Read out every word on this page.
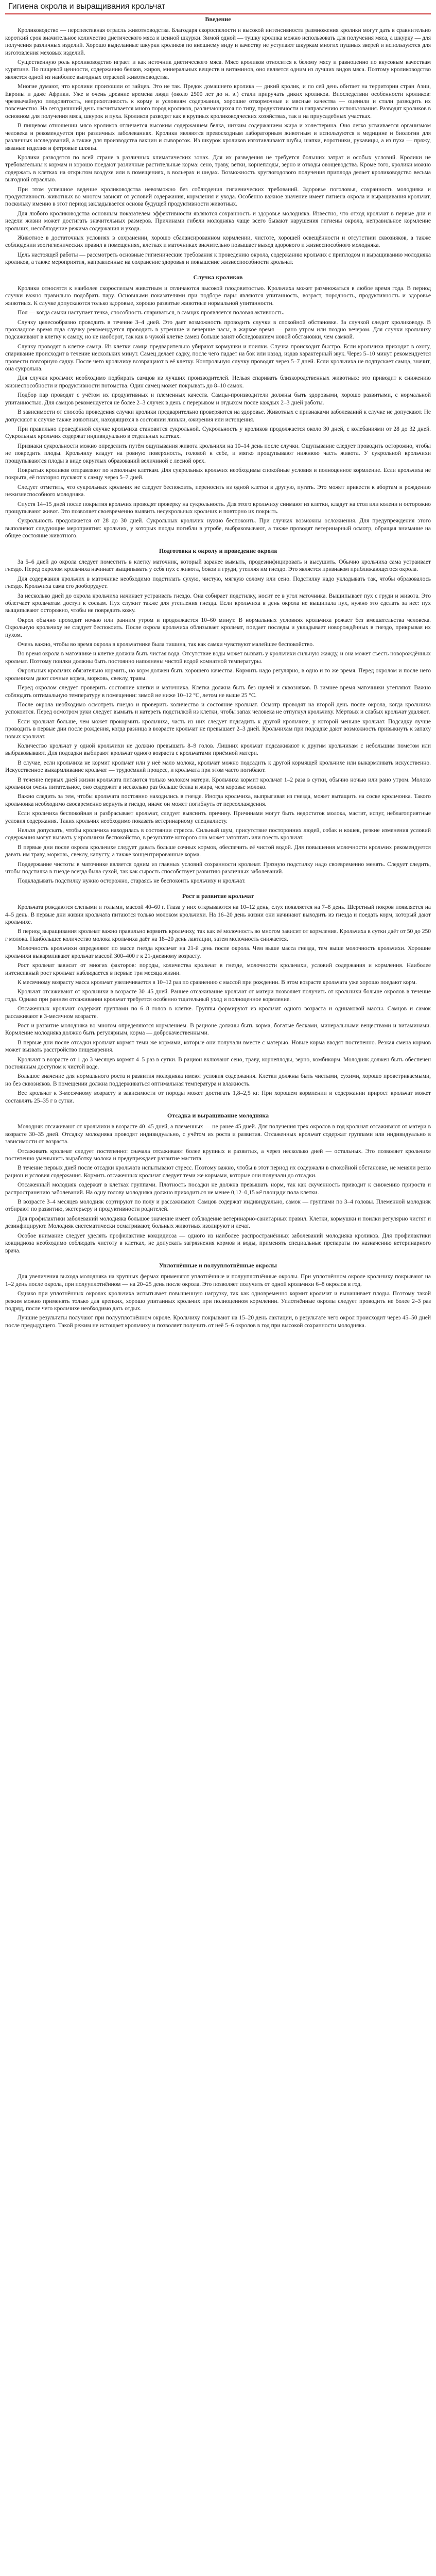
Гигиена окрола и выращивания крольчат
Введение

Кролиководство — перспективная отрасль животноводства. Благодаря скороспелости и высокой интенсивности размножения кролики могут дать в сравнительно короткий срок значительное количество диетического мяса и ценной шкурки. Зимой одной — тушку кролика можно использовать для получения мяса, а шкурку — для получения различных изделий. Хорошо выделанные шкурки кроликов по внешнему виду и качеству не уступают шкуркам многих пушных зверей и используются для изготовления меховых изделий.

Существенную роль кролиководство играет и как источник диетического мяса. Мясо кроликов относится к белому мясу и равноценно по вкусовым качествам курятине. По пищевой ценности, содержанию белков, жиров, минеральных веществ и витаминов, оно является одним из лучших видов мяса. Поэтому кролиководство является одной из наиболее выгодных отраслей животноводства.

Многие думают, что кролики произошли от зайцев. Это не так. Предок домашнего кролика — дикий кролик, и по сей день обитает на территории стран Азии, Европы и даже Африки. Уже в очень древние времена люди (около 2500 лет до н. э.) стали приручать диких кроликов. Впоследствии особенности кроликов: чрезвычайную плодовитость, неприхотливость к корму и условиям содержания, хорошие откормочные и мясные качества — оценили и стали разводить их повсеместно. На сегодняшний день насчитывается много пород кроликов, различающихся по типу, продуктивности и направлению использования. Разводят кроликов в основном для получения мяса, шкурок и пуха. Кроликов разводят как в крупных кролиководческих хозяйствах, так и на приусадебных участках.

В пищевом отношении мясо кроликов отличается высоким содержанием белка, низким содержанием жира и холестерина. Оно легко усваивается организмом человека и рекомендуется при различных заболеваниях. Кролики являются превосходным лабораторным животным и используются в медицине и биологии для различных исследований, а также для производства вакцин и сывороток. Из шкурок кроликов изготавливают шубы, шапки, воротники, рукавицы, а из пуха — пряжу, вязаные изделия и фетровые шляпы.

Кролики разводятся по всей стране в различных климатических зонах. Для их разведения не требуется больших затрат и особых условий. Кролики не требовательны к кормам и хорошо поедают различные растительные корма: сено, траву, ветки, корнеплоды, зерно и отходы овощеводства. Кроме того, кролики можно содержать в клетках на открытом воздухе или в помещениях, в вольерах и шедах. Возможность круглогодового получения приплода делает кролиководство весьма выгодной отраслью.

При этом успешное ведение кролиководства невозможно без соблюдения гигиенических требований. Здоровье поголовья, сохранность молодняка и продуктивность животных во многом зависят от условий содержания, кормления и ухода. Особенно важное значение имеет гигиена окрола и выращивания крольчат, поскольку именно в этот период закладывается основа будущей продуктивности животных.

Для любого кролиководства основным показателем эффективности являются сохранность и здоровье молодняка. Известно, что отход крольчат в первые дни и недели жизни может достигать значительных размеров. Причинами гибели молодняка чаще всего бывают нарушения гигиены окрола, неправильное кормление крольчих, несоблюдение режима содержания и ухода.

Животное в достаточных условиях в сохранении, хорошо сбалансированном кормлении, чистоте, хорошей освещённости и отсутствии сквозняков, а также соблюдении зоогигиенических правил в помещениях, клетках и маточниках значительно повышает выход здорового и жизнеспособного молодняка.

Цель настоящей работы — рассмотреть основные гигиенические требования к проведению окрола, содержанию крольчих с приплодом и выращиванию молодняка кроликов, а также мероприятия, направленные на сохранение здоровья и повышение жизнеспособности крольчат.

Случка кроликов

Кролики относятся к наиболее скороспелым животным и отличаются высокой плодовитостью. Крольчиха может размножаться в любое время года. В период случки важно правильно подобрать пару. Основными показателями при подборе пары являются упитанность, возраст, породность, продуктивность и здоровье животных. К случке допускаются только здоровые, хорошо развитые животные нормальной упитанности.

Пол — когда самки наступает течка, способность спариваться, в самцах проявляется половая активность.

Случку целесообразно проводить в течение 3–4 дней. Это дает возможность проводить случки в спокойной обстановке. За случкой следит кролиководу. В прохладное время года случку рекомендуется проводить в утренние и вечерние часы, в жаркое время — рано утром или поздно вечером. Для случки крольчиху подсаживают в клетку к самцу, но не наоборот, так как в чужой клетке самец больше занят обследованием новой обстановки, чем самкой.

Случку проводят в клетке самца. Из клетки самца предварительно убирают кормушки и поилки. Случка происходит быстро. Если крольчиха приходит в охоту, спаривание происходит в течение нескольких минут. Самец делает садку, после чего падает на бок или назад, издав характерный звук. Через 5–10 минут рекомендуется провести повторную садку. После чего крольчиху возвращают в её клетку. Контрольную случку проводят через 5–7 дней. Если крольчиха не подпускает самца, значит, она сукрольна.

Для случки крольчих необходимо подбирать самцов из лучших производителей. Нельзя спаривать близкородственных животных: это приводит к снижению жизнеспособности и продуктивности потомства. Один самец может покрывать до 8–10 самок.

Подбор пар проводят с учётом их продуктивных и племенных качеств. Самцы-производители должны быть здоровыми, хорошо развитыми, с нормальной упитанностью. Для самцов рекомендуется не более 2–3 случек в день с перерывом и отдыхом после каждых 2–3 дней работы.

В зависимости от способа проведения случки кролики предварительно проверяются на здоровье. Животных с признаками заболеваний к случке не допускают. Не допускают к случке также животных, находящихся в состоянии линьки, ожирения или истощения.

При правильно проведённой случке крольчиха становится сукрольной. Сукрольность у кроликов продолжается около 30 дней, с колебаниями от 28 до 32 дней. Сукрольных крольчих содержат индивидуально в отдельных клетках.

Признаки сукрольности можно определить путём ощупывания живота крольчихи на 10–14 день после случки. Ощупывание следует проводить осторожно, чтобы не повредить плоды. Крольчиху кладут на ровную поверхность, головой к себе, и мягко прощупывают нижнюю часть живота. У сукрольной крольчихи прощупываются плоды в виде округлых образований величиной с лесной орех.

Покрытых кроликов отправляют по неполным клеткам. Для сукрольных крольчих необходимы спокойные условия и полноценное кормление. Если крольчиха не покрыта, её повторно пускают к самцу через 5–7 дней.

Следует отметить, что сукрольных крольчих не следует беспокоить, переносить из одной клетки в другую, пугать. Это может привести к абортам и рождению нежизнеспособного молодняка.

Спустя 14–15 дней после покрытия крольчих проводят проверку на сукрольность. Для этого крольчиху снимают из клетки, кладут на стол или колени и осторожно прощупывают живот. Это позволяет своевременно выявить несукрольных крольчих и повторно их покрыть.

Сукрольность продолжается от 28 до 30 дней. Сукрольных крольчих нужно беспокоить. При случках возможны осложнения. Для предупреждения этого выполняют следующие мероприятия: крольчих, у которых плоды погибли в утробе, выбраковывают, а также проводят ветеринарный осмотр, обращая внимание на общее состояние животного.

Подготовка к окролу и проведение окрола

За 5–6 дней до окрола следует поместить в клетку маточник, который заранее вымыть, продезинфицировать и высушить. Обычно крольчиха сама устраивает гнездо. Перед окролом крольчиха начинает выщипывать у себя пух с живота, боков и груди, утепляя им гнездо. Это является признаком приближающегося окрола.

Для содержания крольчих в маточнике необходимо подстилать сухую, чистую, мягкую солому или сено. Подстилку надо укладывать так, чтобы образовалось гнездо. Крольчиха сама его дооборудует.

За несколько дней до окрола крольчиха начинает устраивать гнездо. Она собирает подстилку, носит ее в угол маточника. Выщипывает пух с груди и живота. Это облегчает крольчатам доступ к соскам. Пух служит также для утепления гнезда. Если крольчиха в день окрола не выщипала пух, нужно это сделать за нее: пух выщипывают осторожно, чтобы не повредить кожу.

Окрол обычно проходит ночью или ранним утром и продолжается 10–60 минут. В нормальных условиях крольчиха рожает без вмешательства человека. Окрольную крольчиху не следует беспокоить. После окрола крольчиха облизывает крольчат, поедает последы и укладывает новорождённых в гнездо, прикрывая их пухом.

Очень важно, чтобы во время окрола в крольчатнике была тишина, так как самки чувствуют малейшее беспокойство.

Во время окрола в маточнике и клетке должна быть чистая вода. Отсутствие воды может вызвать у крольчихи сильную жажду, и она может съесть новорождённых крольчат. Поэтому поилки должны быть постоянно наполнены чистой водой комнатной температуры.

Окрольных крольчих обязательно кормить, но корм должен быть хорошего качества. Кормить надо регулярно, в одно и то же время. Перед окролом и после него крольчихам дают сочные корма, морковь, свеклу, травы.

Перед окролом следует проверить состояние клетки и маточника. Клетка должна быть без щелей и сквозняков. В зимнее время маточники утепляют. Важно соблюдать оптимальную температуру в помещении: зимой не ниже 10–12 °C, летом не выше 25 °C.

После окрола необходимо осмотреть гнездо и проверить количество и состояние крольчат. Осмотр проводят на второй день после окрола, когда крольчиха успокоится. Перед осмотром руки следует вымыть и натереть подстилкой из клетки, чтобы запах человека не отпугнул крольчиху. Мёртвых и слабых крольчат удаляют.

Если крольчат больше, чем может прокормить крольчиха, часть из них следует подсадить к другой крольчихе, у которой меньше крольчат. Подсадку лучше проводить в первые дни после рождения, когда разница в возрасте крольчат не превышает 2–3 дней. Крольчихам при подсадке дают возможность привыкнуть к запаху новых крольчат.

Количество крольчат у одной крольчихи не должно превышать 8–9 голов. Лишних крольчат подсаживают к другим крольчихам с небольшим пометом или выбраковывают. Для подсадки выбирают крольчат одного возраста с крольчатами приёмной матери.

В случае, если крольчиха не кормит крольчат или у неё мало молока, крольчат можно подсадить к другой кормящей крольчихе или выкармливать искусственно. Искусственное выкармливание крольчат — трудоёмкий процесс, и крольчата при этом часто погибают.

В течение первых дней жизни крольчата питаются только молоком матери. Крольчиха кормит крольчат 1–2 раза в сутки, обычно ночью или рано утром. Молоко крольчихи очень питательное, оно содержит в несколько раз больше белка и жира, чем коровье молоко.

Важно следить за тем, чтобы крольчата постоянно находились в гнезде. Иногда крольчиха, выпрыгивая из гнезда, может вытащить на соске крольчонка. Такого крольчонка необходимо своевременно вернуть в гнездо, иначе он может погибнуть от переохлаждения.

Если крольчиха беспокойная и разбрасывает крольчат, следует выяснить причину. Причинами могут быть недостаток молока, мастит, испуг, неблагоприятные условия содержания. Таких крольчих необходимо показать ветеринарному специалисту.

Нельзя допускать, чтобы крольчиха находилась в состоянии стресса. Сильный шум, присутствие посторонних людей, собак и кошек, резкие изменения условий содержания могут вызвать у крольчихи беспокойство, в результате которого она может затоптать или поесть крольчат.

В первые дни после окрола крольчихе следует давать больше сочных кормов, обеспечить её чистой водой. Для повышения молочности крольчих рекомендуется давать им траву, морковь, свеклу, капусту, а также концентрированные корма.

Поддержание чистоты в маточнике является одним из главных условий сохранности крольчат. Грязную подстилку надо своевременно менять. Следует следить, чтобы подстилка в гнезде всегда была сухой, так как сырость способствует развитию различных заболеваний.

Подкладывать подстилку нужно осторожно, стараясь не беспокоить крольчиху и крольчат.

Рост и развитие крольчат

Крольчата рождаются слепыми и голыми, массой 40–60 г. Глаза у них открываются на 10–12 день, слух появляется на 7–8 день. Шерстный покров появляется на 4–5 день. В первые дни жизни крольчата питаются только молоком крольчихи. На 16–20 день жизни они начинают выходить из гнезда и поедать корм, который дают крольчихе.

В период выращивания крольчат важно правильно кормить крольчиху, так как её молочность во многом зависит от кормления. Крольчиха в сутки даёт от 50 до 250 г молока. Наибольшее количество молока крольчиха даёт на 18–20 день лактации, затем молочность снижается.

Молочность крольчихи определяют по массе гнезда крольчат на 21-й день после окрола. Чем выше масса гнезда, тем выше молочность крольчихи. Хорошие крольчихи выкармливают крольчат массой 300–400 г к 21-дневному возрасту.

Рост крольчат зависит от многих факторов: породы, количества крольчат в гнезде, молочности крольчихи, условий содержания и кормления. Наиболее интенсивный рост крольчат наблюдается в первые три месяца жизни.

К месячному возрасту масса крольчат увеличивается в 10–12 раз по сравнению с массой при рождении. В этом возрасте крольчата уже хорошо поедают корм.

Крольчат отсаживают от крольчихи в возрасте 30–45 дней. Раннее отсаживание крольчат от матери позволяет получить от крольчихи больше окролов в течение года. Однако при раннем отсаживании крольчат требуется особенно тщательный уход и полноценное кормление.

Отсаженных крольчат содержат группами по 6–8 голов в клетке. Группы формируют из крольчат одного возраста и одинаковой массы. Самцов и самок рассаживают в 3-месячном возрасте.

Рост и развитие молодняка во многом определяются кормлением. В рационе должны быть корма, богатые белками, минеральными веществами и витаминами. Кормление молодняка должно быть регулярным, корма — доброкачественными.

В первые дни после отсадки крольчат кормят теми же кормами, которые они получали вместе с матерью. Новые корма вводят постепенно. Резкая смена кормов может вызвать расстройство пищеварения.

Крольчат в возрасте от 1 до 3 месяцев кормят 4–5 раз в сутки. В рацион включают сено, траву, корнеплоды, зерно, комбикорм. Молодняк должен быть обеспечен постоянным доступом к чистой воде.

Большое значение для нормального роста и развития молодняка имеют условия содержания. Клетки должны быть чистыми, сухими, хорошо проветриваемыми, но без сквозняков. В помещении должна поддерживаться оптимальная температура и влажность.

Вес крольчат к 3-месячному возрасту в зависимости от породы может достигать 1,8–2,5 кг. При хорошем кормлении и содержании прирост крольчат может составлять 25–35 г в сутки.

Отсадка и выращивание молодняка

Молодняк отсаживают от крольчихи в возрасте 40–45 дней, а племенных — не ранее 45 дней. Для получения трёх окролов в год крольчат отсаживают от матери в возрасте 30–35 дней. Отсадку молодняка проводят индивидуально, с учётом их роста и развития. Отсаженных крольчат содержат группами или индивидуально в зависимости от возраста.

Отсаживать крольчат следует постепенно: сначала отсаживают более крупных и развитых, а через несколько дней — остальных. Это позволяет крольчихе постепенно уменьшить выработку молока и предупреждает развитие мастита.

В течение первых дней после отсадки крольчата испытывают стресс. Поэтому важно, чтобы в этот период их содержали в спокойной обстановке, не меняли резко рацион и условия содержания. Кормить отсаженных крольчат следует теми же кормами, которые они получали до отсадки.

Отсаженный молодняк содержат в клетках группами. Плотность посадки не должна превышать норм, так как скученность приводит к снижению прироста и распространению заболеваний. На одну голову молодняка должно приходиться не менее 0,12–0,15 м² площади пола клетки.

В возрасте 3–4 месяцев молодняк сортируют по полу и рассаживают. Самцов содержат индивидуально, самок — группами по 3–4 головы. Племенной молодняк отбирают по развитию, экстерьеру и продуктивности родителей.

Для профилактики заболеваний молодняка большое значение имеет соблюдение ветеринарно-санитарных правил. Клетки, кормушки и поилки регулярно чистят и дезинфицируют. Молодняк систематически осматривают, больных животных изолируют и лечат.

Особое внимание следует уделять профилактике кокцидиоза — одного из наиболее распространённых заболеваний молодняка кроликов. Для профилактики кокцидиоза необходимо соблюдать чистоту в клетках, не допускать загрязнения кормов и воды, применять специальные препараты по назначению ветеринарного врача.

Уплотнённые и полууплотнённые окролы

Для увеличения выхода молодняка на крупных фермах применяют уплотнённые и полууплотнённые окролы. При уплотнённом окроле крольчиху покрывают на 1–2 день после окрола, при полууплотнённом — на 20–25 день после окрола. Это позволяет получить от одной крольчихи 6–8 окролов в год.

Однако при уплотнённых окролах крольчиха испытывает повышенную нагрузку, так как одновременно кормит крольчат и вынашивает плоды. Поэтому такой режим можно применять только для крепких, хорошо упитанных крольчих при полноценном кормлении. Уплотнённые окролы следует проводить не более 2–3 раз подряд, после чего крольчихе необходимо дать отдых.

Лучшие результаты получают при полууплотнённом окроле. Крольчиху покрывают на 15–20 день лактации, в результате чего окрол происходит через 45–50 дней после предыдущего. Такой режим не истощает крольчиху и позволяет получить от неё 5–6 окролов в год при высокой сохранности молодняка.
